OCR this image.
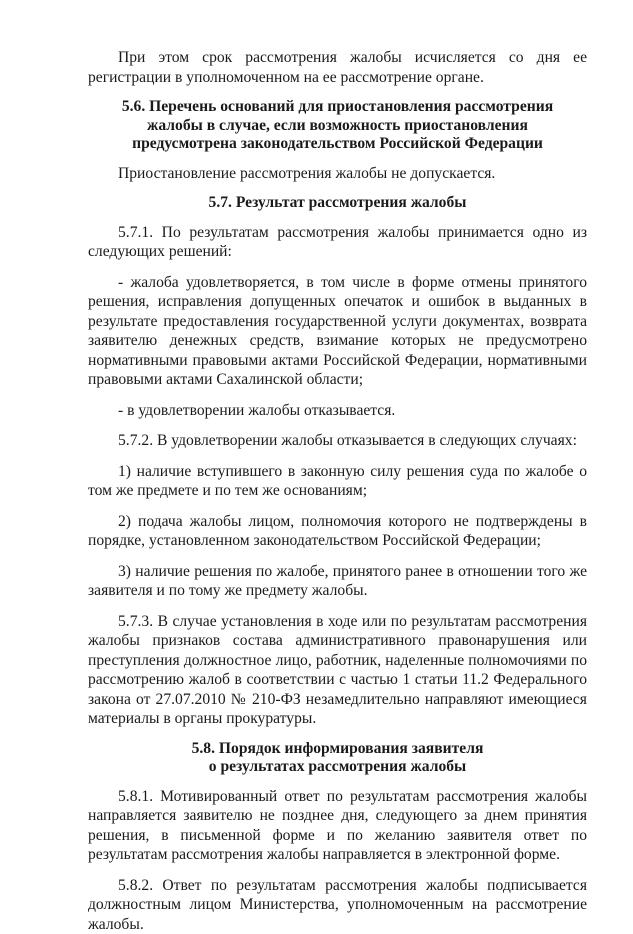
При этом срок рассмотрения жалобы исчисляется со дня ее регистрации в уполномоченном на ее рассмотрение органе.

5.6. Перечень оснований для приостановления рассмотрения
жалобы в случае, если возможность приостановления
предусмотрена законодательством Российской Федерации

Приостановление рассмотрения жалобы не допускается.

5.7. Результат рассмотрения жалобы

5.7.1. По результатам рассмотрения жалобы принимается одно из следующих решений:

- жалоба удовлетворяется, в том числе в форме отмены принятого решения, исправления допущенных опечаток и ошибок в выданных в результате предоставления государственной услуги документах, возврата заявителю денежных средств, взимание которых не предусмотрено нормативными правовыми актами Российской Федерации, нормативными правовыми актами Сахалинской области;

- в удовлетворении жалобы отказывается.

5.7.2. В удовлетворении жалобы отказывается в следующих случаях:

1) наличие вступившего в законную силу решения суда по жалобе о том же предмете и по тем же основаниям;

2) подача жалобы лицом, полномочия которого не подтверждены в порядке, установленном законодательством Российской Федерации;

3) наличие решения по жалобе, принятого ранее в отношении того же заявителя и по тому же предмету жалобы.

5.7.3. В случае установления в ходе или по результатам рассмотрения жалобы признаков состава административного правонарушения или преступления должностное лицо, работник, наделенные полномочиями по рассмотрению жалоб в соответствии с частью 1 статьи 11.2 Федерального закона от 27.07.2010 № 210-ФЗ незамедлительно направляют имеющиеся материалы в органы прокуратуры.

5.8. Порядок информирования заявителя
о результатах рассмотрения жалобы

5.8.1. Мотивированный ответ по результатам рассмотрения жалобы направляется заявителю не позднее дня, следующего за днем принятия решения, в письменной форме и по желанию заявителя ответ по результатам рассмотрения жалобы направляется в электронной форме.

5.8.2. Ответ по результатам рассмотрения жалобы подписывается должностным лицом Министерства, уполномоченным на рассмотрение жалобы.
